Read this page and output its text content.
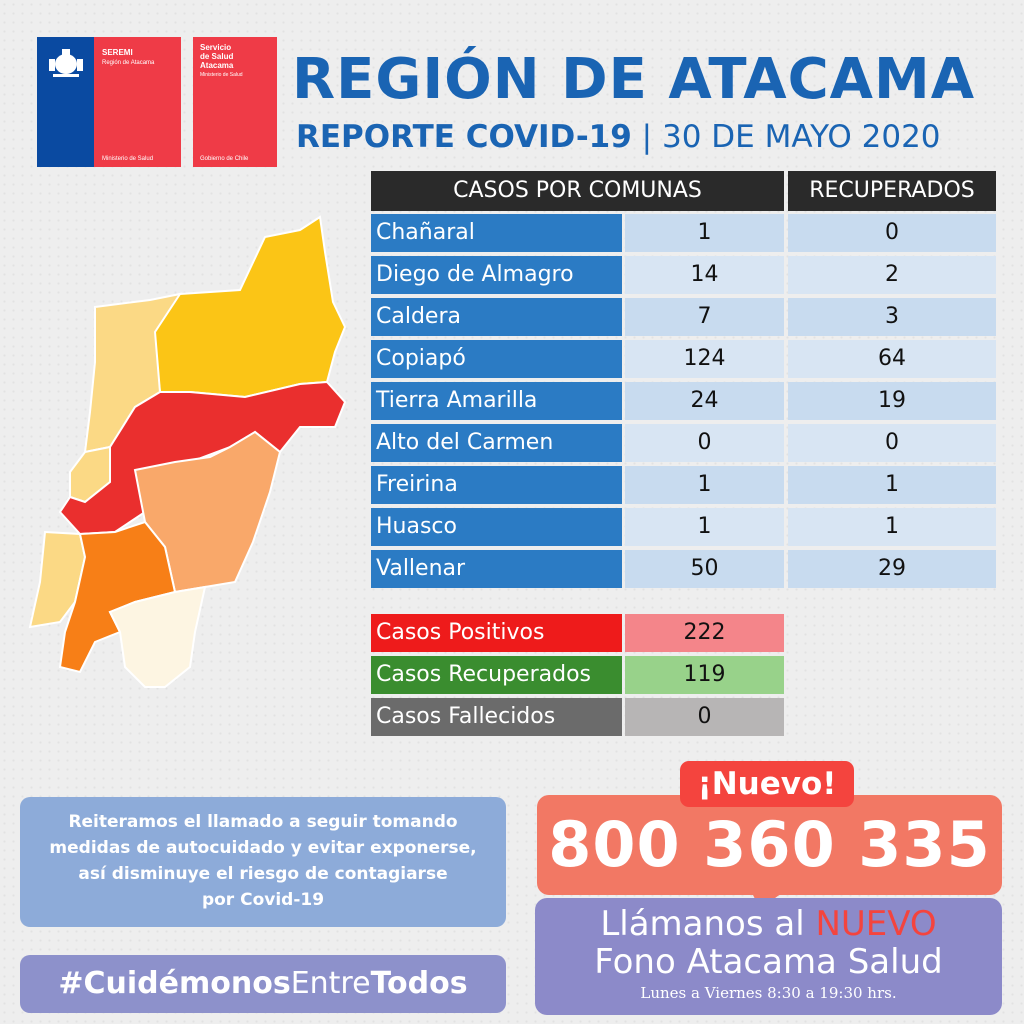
SEREMI
Región de Atacama
Ministerio de Salud
Servicio
de Salud
Atacama
Ministerio de Salud
Gobierno de Chile
REGIÓN DE ATACAMA
REPORTE COVID-19 | 30 DE MAYO 2020
CASOS POR COMUNAS	RECUPERADOS
Chañaral	1	0
Diego de Almagro	14	2
Caldera	7	3
Copiapó	124	64
Tierra Amarilla	24	19
Alto del Carmen	0	0
Freirina	1	1
Huasco	1	1
Vallenar	50	29
Casos Positivos	222
Casos Recuperados	119
Casos Fallecidos	0
Reiteramos el llamado a seguir tomando
medidas de autocuidado y evitar exponerse,
así disminuye el riesgo de contagiarse
por Covid-19
#CuidémonosEntreTodos
¡Nuevo!
800 360 335
Llámanos al NUEVO
Fono Atacama Salud
Lunes a Viernes 8:30 a 19:30 hrs.
